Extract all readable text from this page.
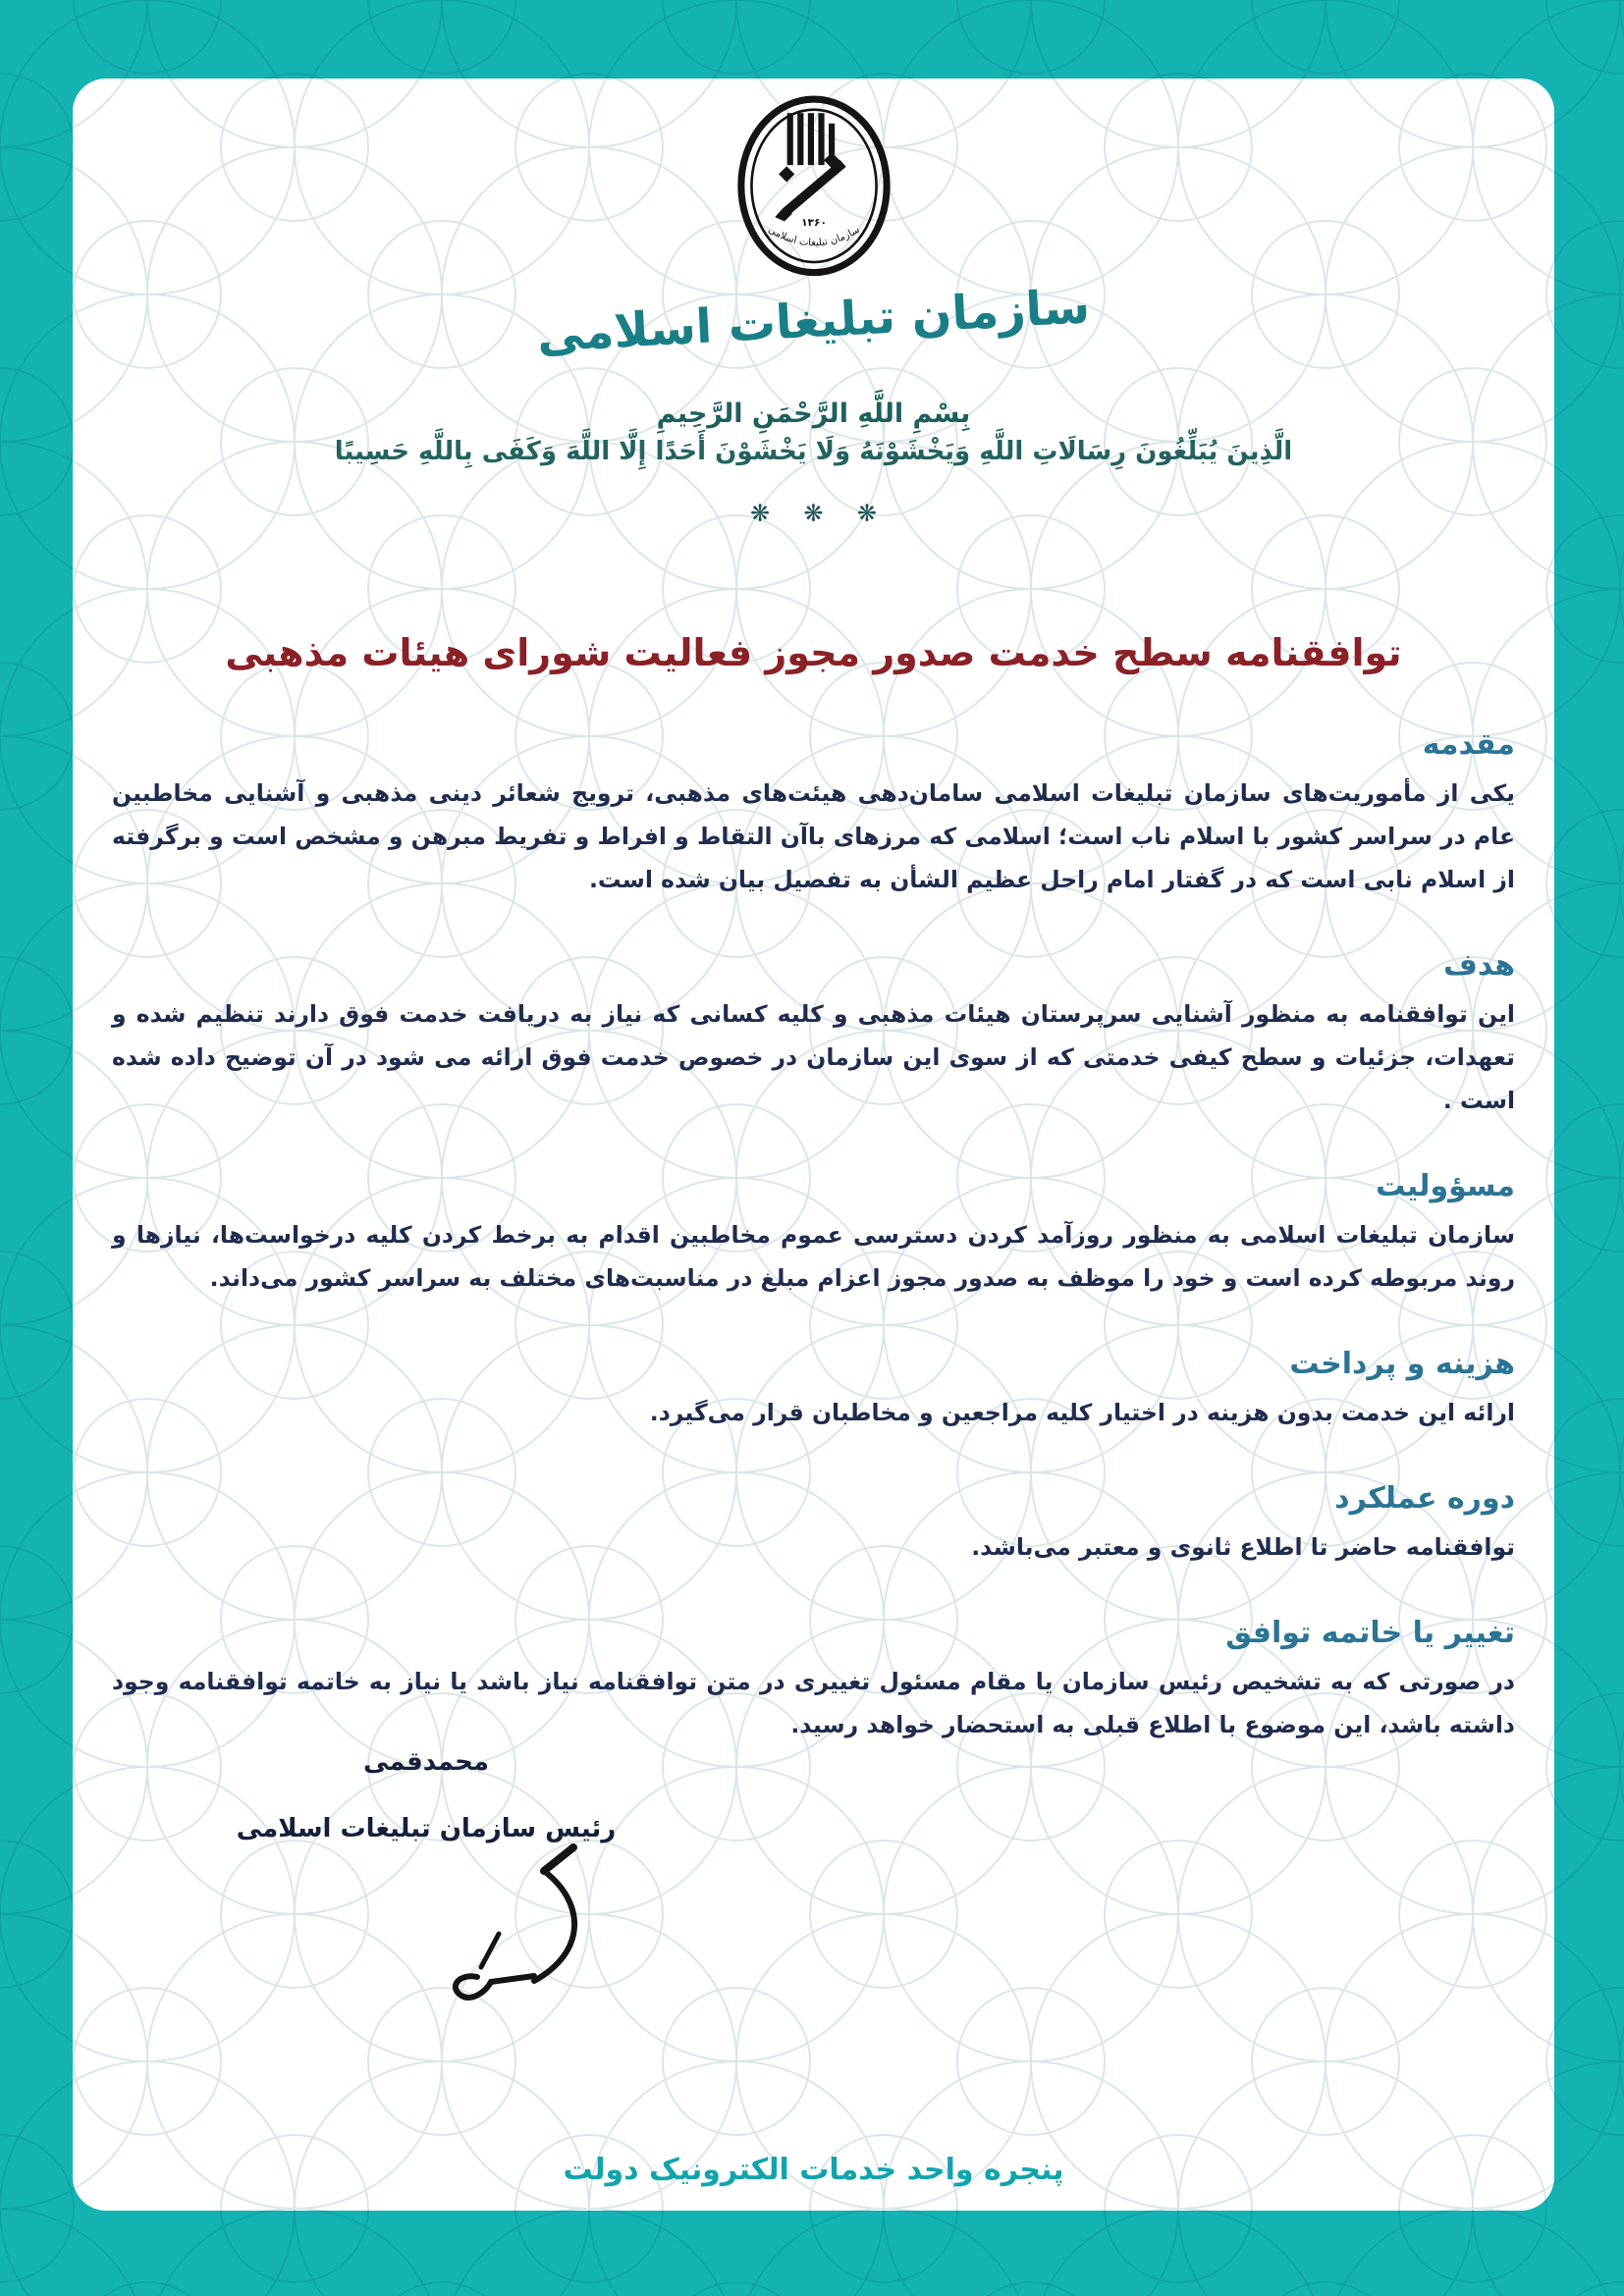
۱۳۶۰
سازمان تبلیغات اسلامی
سازمان تبلیغات اسلامی
بِسْمِ اللَّهِ الرَّحْمَنِ الرَّحِيمِ
الَّذِينَ يُبَلِّغُونَ رِسَالَاتِ اللَّهِ وَيَخْشَوْنَهُ وَلَا يَخْشَوْنَ أَحَدًا إِلَّا اللَّهَ وَكَفَى بِاللَّهِ حَسِيبًا
❋ ❋ ❋
توافقنامه سطح خدمت صدور مجوز فعالیت شورای هیئات مذهبی
مقدمه

یکی از مأموریت‌های سازمان تبلیغات اسلامی سامان‌دهی هیئت‌های مذهبی، ترویج شعائر دینی مذهبی و آشنایی مخاطبین عام در سراسر کشور با اسلام ناب است؛ اسلامی که مرزهای باآن التقاط و افراط و تفریط مبرهن و مشخص است و برگرفته از اسلام نابی است که در گفتار امام راحل عظیم الشأن به تفصیل بیان شده است.

هدف

این توافقنامه به منظور آشنایی سرپرستان هیئات مذهبی و کلیه کسانی که نیاز به دریافت خدمت فوق دارند تنظیم شده و تعهدات، جزئیات و سطح کیفی خدمتی که از سوی این سازمان در خصوص خدمت فوق ارائه می شود در آن توضیح داده شده است .

مسؤولیت

سازمان تبلیغات اسلامی به منظور روزآمد کردن دسترسی عموم مخاطبین اقدام به برخط کردن کلیه درخواست‌ها، نیازها و روند مربوطه کرده است و خود را موظف به صدور مجوز اعزام مبلغ در مناسبت‌های مختلف به سراسر کشور می‌داند.

هزینه و پرداخت

ارائه این خدمت بدون هزینه در اختیار کلیه مراجعین و مخاطبان قرار می‌گیرد.

دوره عملکرد

توافقنامه حاضر تا اطلاع ثانوی و معتبر می‌باشد.

تغییر یا خاتمه توافق

در صورتی که به تشخیص رئیس سازمان یا مقام مسئول تغییری در متن توافقنامه نیاز باشد یا نیاز به خاتمه توافقنامه وجود داشته باشد، این موضوع با اطلاع قبلی به استحضار خواهد رسید.

محمدقمی
رئیس سازمان تبلیغات اسلامی
پنجره واحد خدمات الکترونیک دولت
